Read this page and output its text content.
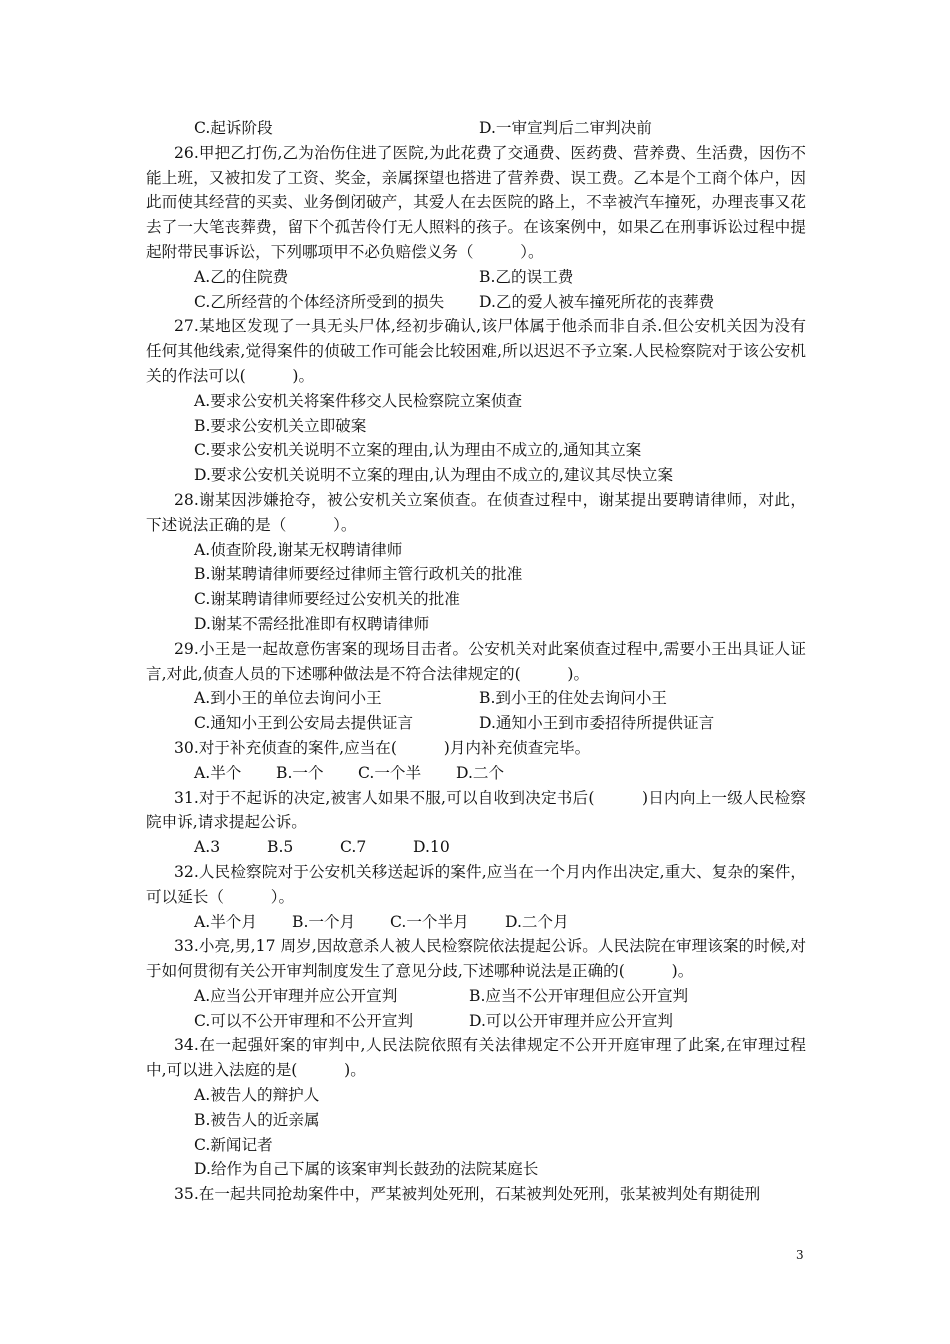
C.起诉阶段	D.一审宣判后二审判决前
26.甲把乙打伤,乙为治伤住进了医院,为此花费了交通费、医药费、营养费、生活费，因伤不能上班，又被扣发了工资、奖金，亲属探望也搭进了营养费、误工费。乙本是个工商个体户，因此而使其经营的买卖、业务倒闭破产，其爱人在去医院的路上，不幸被汽车撞死，办理丧事又花去了一大笔丧葬费，留下个孤苦伶仃无人照料的孩子。在该案例中，如果乙在刑事诉讼过程中提起附带民事诉讼，下列哪项甲不必负赔偿义务（　　　）。
A.乙的住院费	B.乙的误工费
C.乙所经营的个体经济所受到的损失	D.乙的爱人被车撞死所花的丧葬费
27.某地区发现了一具无头尸体,经初步确认,该尸体属于他杀而非自杀.但公安机关因为没有任何其他线索,觉得案件的侦破工作可能会比较困难,所以迟迟不予立案.人民检察院对于该公安机关的作法可以(　　　)。
A.要求公安机关将案件移交人民检察院立案侦查
B.要求公安机关立即破案
C.要求公安机关说明不立案的理由,认为理由不成立的,通知其立案
D.要求公安机关说明不立案的理由,认为理由不成立的,建议其尽快立案
28.谢某因涉嫌抢夺，被公安机关立案侦查。在侦查过程中，谢某提出要聘请律师，对此，下述说法正确的是（　　　）。
A.侦查阶段,谢某无权聘请律师
B.谢某聘请律师要经过律师主管行政机关的批准
C.谢某聘请律师要经过公安机关的批准
D.谢某不需经批准即有权聘请律师
29.小王是一起故意伤害案的现场目击者。公安机关对此案侦查过程中,需要小王出具证人证言,对此,侦查人员的下述哪种做法是不符合法律规定的(　　　)。
A.到小王的单位去询问小王	B.到小王的住处去询问小王
C.通知小王到公安局去提供证言	D.通知小王到市委招待所提供证言
30.对于补充侦查的案件,应当在(　　　)月内补充侦查完毕。
A.半个	B.一个	C.一个半	D.二个
31.对于不起诉的决定,被害人如果不服,可以自收到决定书后(　　　)日内向上一级人民检察院申诉,请求提起公诉。
A.3	B.5	C.7	D.10
32.人民检察院对于公安机关移送起诉的案件,应当在一个月内作出决定,重大、复杂的案件，可以延长（　　　）。
A.半个月	B.一个月	C.一个半月	D.二个月
33.小亮,男,17 周岁,因故意杀人被人民检察院依法提起公诉。人民法院在审理该案的时候,对于如何贯彻有关公开审判制度发生了意见分歧,下述哪种说法是正确的(　　　)。
A.应当公开审理并应公开宣判	B.应当不公开审理但应公开宣判
C.可以不公开审理和不公开宣判	D.可以公开审理并应公开宣判
34.在一起强奸案的审判中,人民法院依照有关法律规定不公开开庭审理了此案,在审理过程中,可以进入法庭的是(　　　)。
A.被告人的辩护人
B.被告人的近亲属
C.新闻记者
D.给作为自己下属的该案审判长鼓劲的法院某庭长
35.在一起共同抢劫案件中，严某被判处死刑，石某被判处死刑，张某被判处有期徒刑
3
